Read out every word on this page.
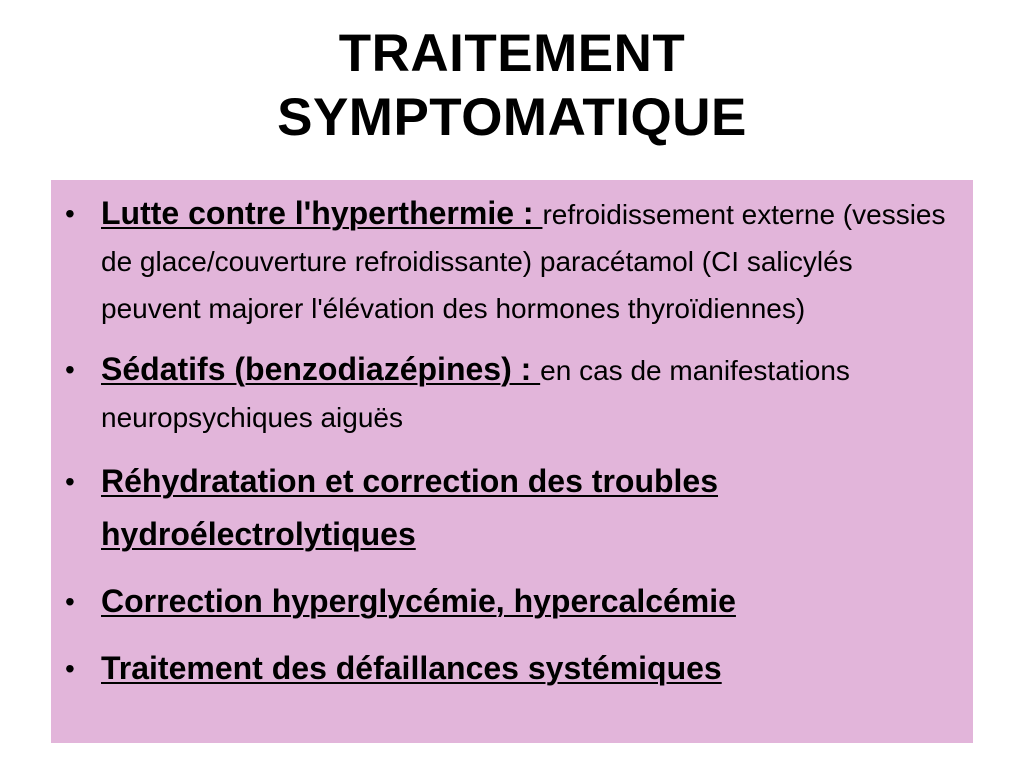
TRAITEMENT
SYMPTOMATIQUE
• Lutte contre l'hyperthermie : refroidissement externe (vessies de glace/couverture refroidissante) paracétamol (CI salicylés peuvent majorer l'élévation des hormones thyroïdiennes)
• Sédatifs (benzodiazépines) : en cas de manifestations neuropsychiques aiguës
• Réhydratation et correction des troubles hydroélectrolytiques
• Correction hyperglycémie, hypercalcémie
• Traitement des défaillances systémiques
